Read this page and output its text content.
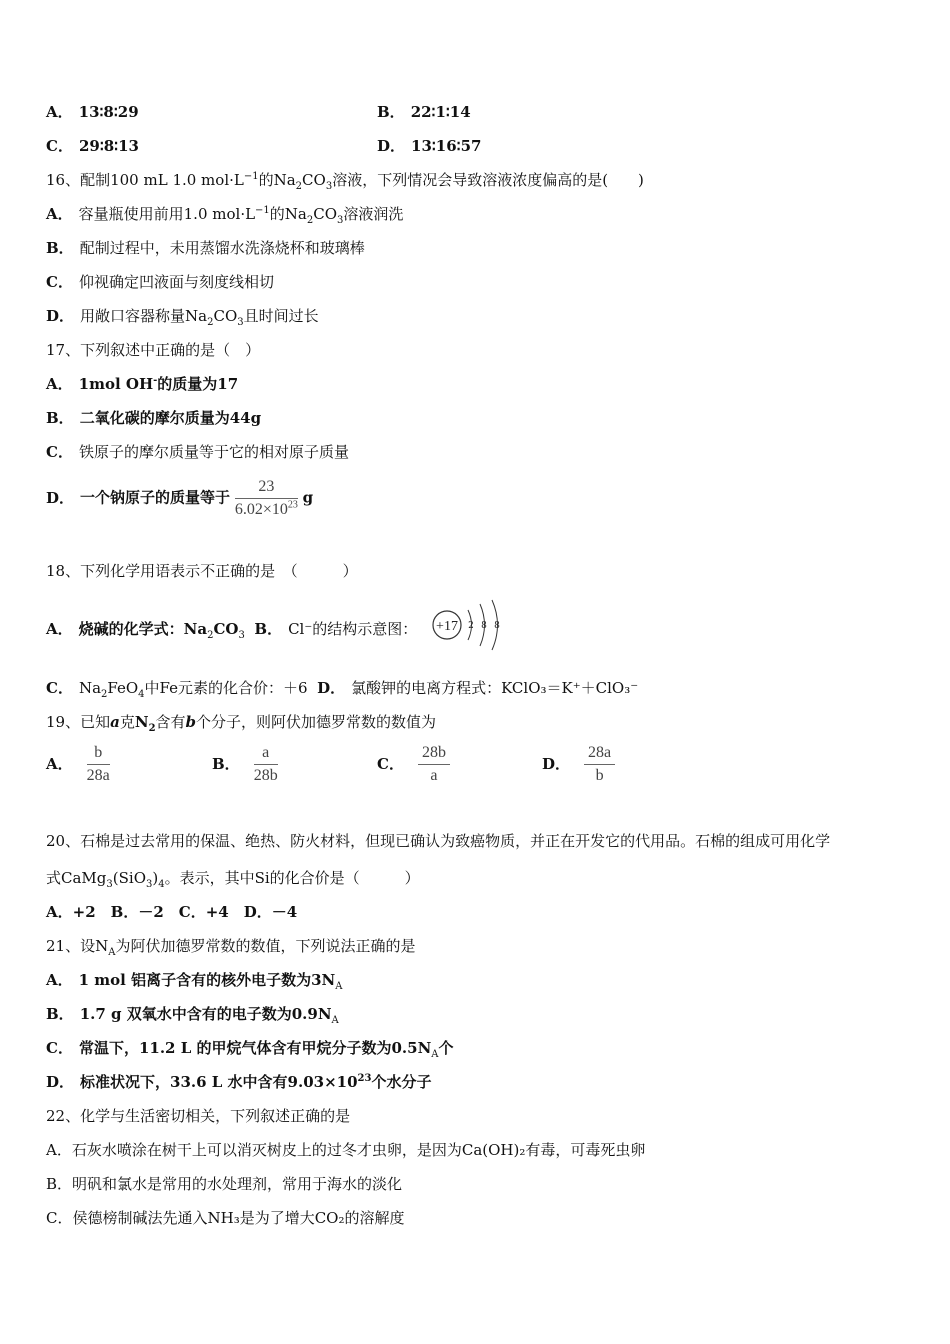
A． 13∶8∶29	B． 22∶1∶14
C． 29∶8∶13	D． 13∶16∶57
16、配制100 mL 1.0 $mol\cdot L^{-1}$的$Na_2CO_3$溶液，下列情况会导致溶液浓度偏高的是(　　)
A． 容量瓶使用前用1.0 $mol\cdot L^{-1}$的$Na_2CO_3$溶液润洗
B． 配制过程中，未用蒸馏水洗涤烧杯和玻璃棒
C． 仰视确定凹液面与刻度线相切
D． 用敞口容器称量$Na_2CO_3$且时间过长
17、下列叙述中正确的是（　）
A． 1mol OH-的质量为17
B． 二氧化碳的摩尔质量为44g
C． 铁原子的摩尔质量等于它的相对原子质量
D． 一个钠原子的质量等于 $\frac{23}{6.02\times 10^{23}}$ g
18、下列化学用语表示不正确的是　（　　　）
A． 烧碱的化学式：$Na_2CO_3$ B． Cl⁻的结构示意图： +17 2 8 8
C． $Na_2FeO_4$中Fe元素的化合价：＋6 D． 氯酸钾的电离方程式：KClO₃＝K⁺＋ClO₃⁻
19、已知a克$N_2$含有b个分子，则阿伏加德罗常数的数值为
A． $\frac{b}{28a}$	B． $\frac{a}{28b}$	C． $\frac{28b}{a}$	D． $\frac{28a}{b}$
20、石棉是过去常用的保温、绝热、防火材料，但现已确认为致癌物质，并正在开发它的代用品。石棉的组成可用化学
式$CaMg_3(SiO_3)_4$。表示，其中Si的化合价是（　　　）
A．+2　B．－2　C．+4　D．－4
21、设$N_A$为阿伏加德罗常数的数值，下列说法正确的是
A． 1 mol 铝离子含有的核外电子数为$3N_A$
B． 1.7 g 双氧水中含有的电子数为$0.9N_A$
C． 常温下，11.2 L 的甲烷气体含有甲烷分子数为$0.5N_A$个
D． 标准状况下，33.6 L 水中含有$9.03\times 10^{23}$个水分子
22、化学与生活密切相关，下列叙述正确的是
A．石灰水喷涂在树干上可以消灭树皮上的过冬才虫卵，是因为Ca(OH)₂有毒，可毒死虫卵
B．明矾和氯水是常用的水处理剂，常用于海水的淡化
C．侯德榜制碱法先通入NH₃是为了增大CO₂的溶解度
